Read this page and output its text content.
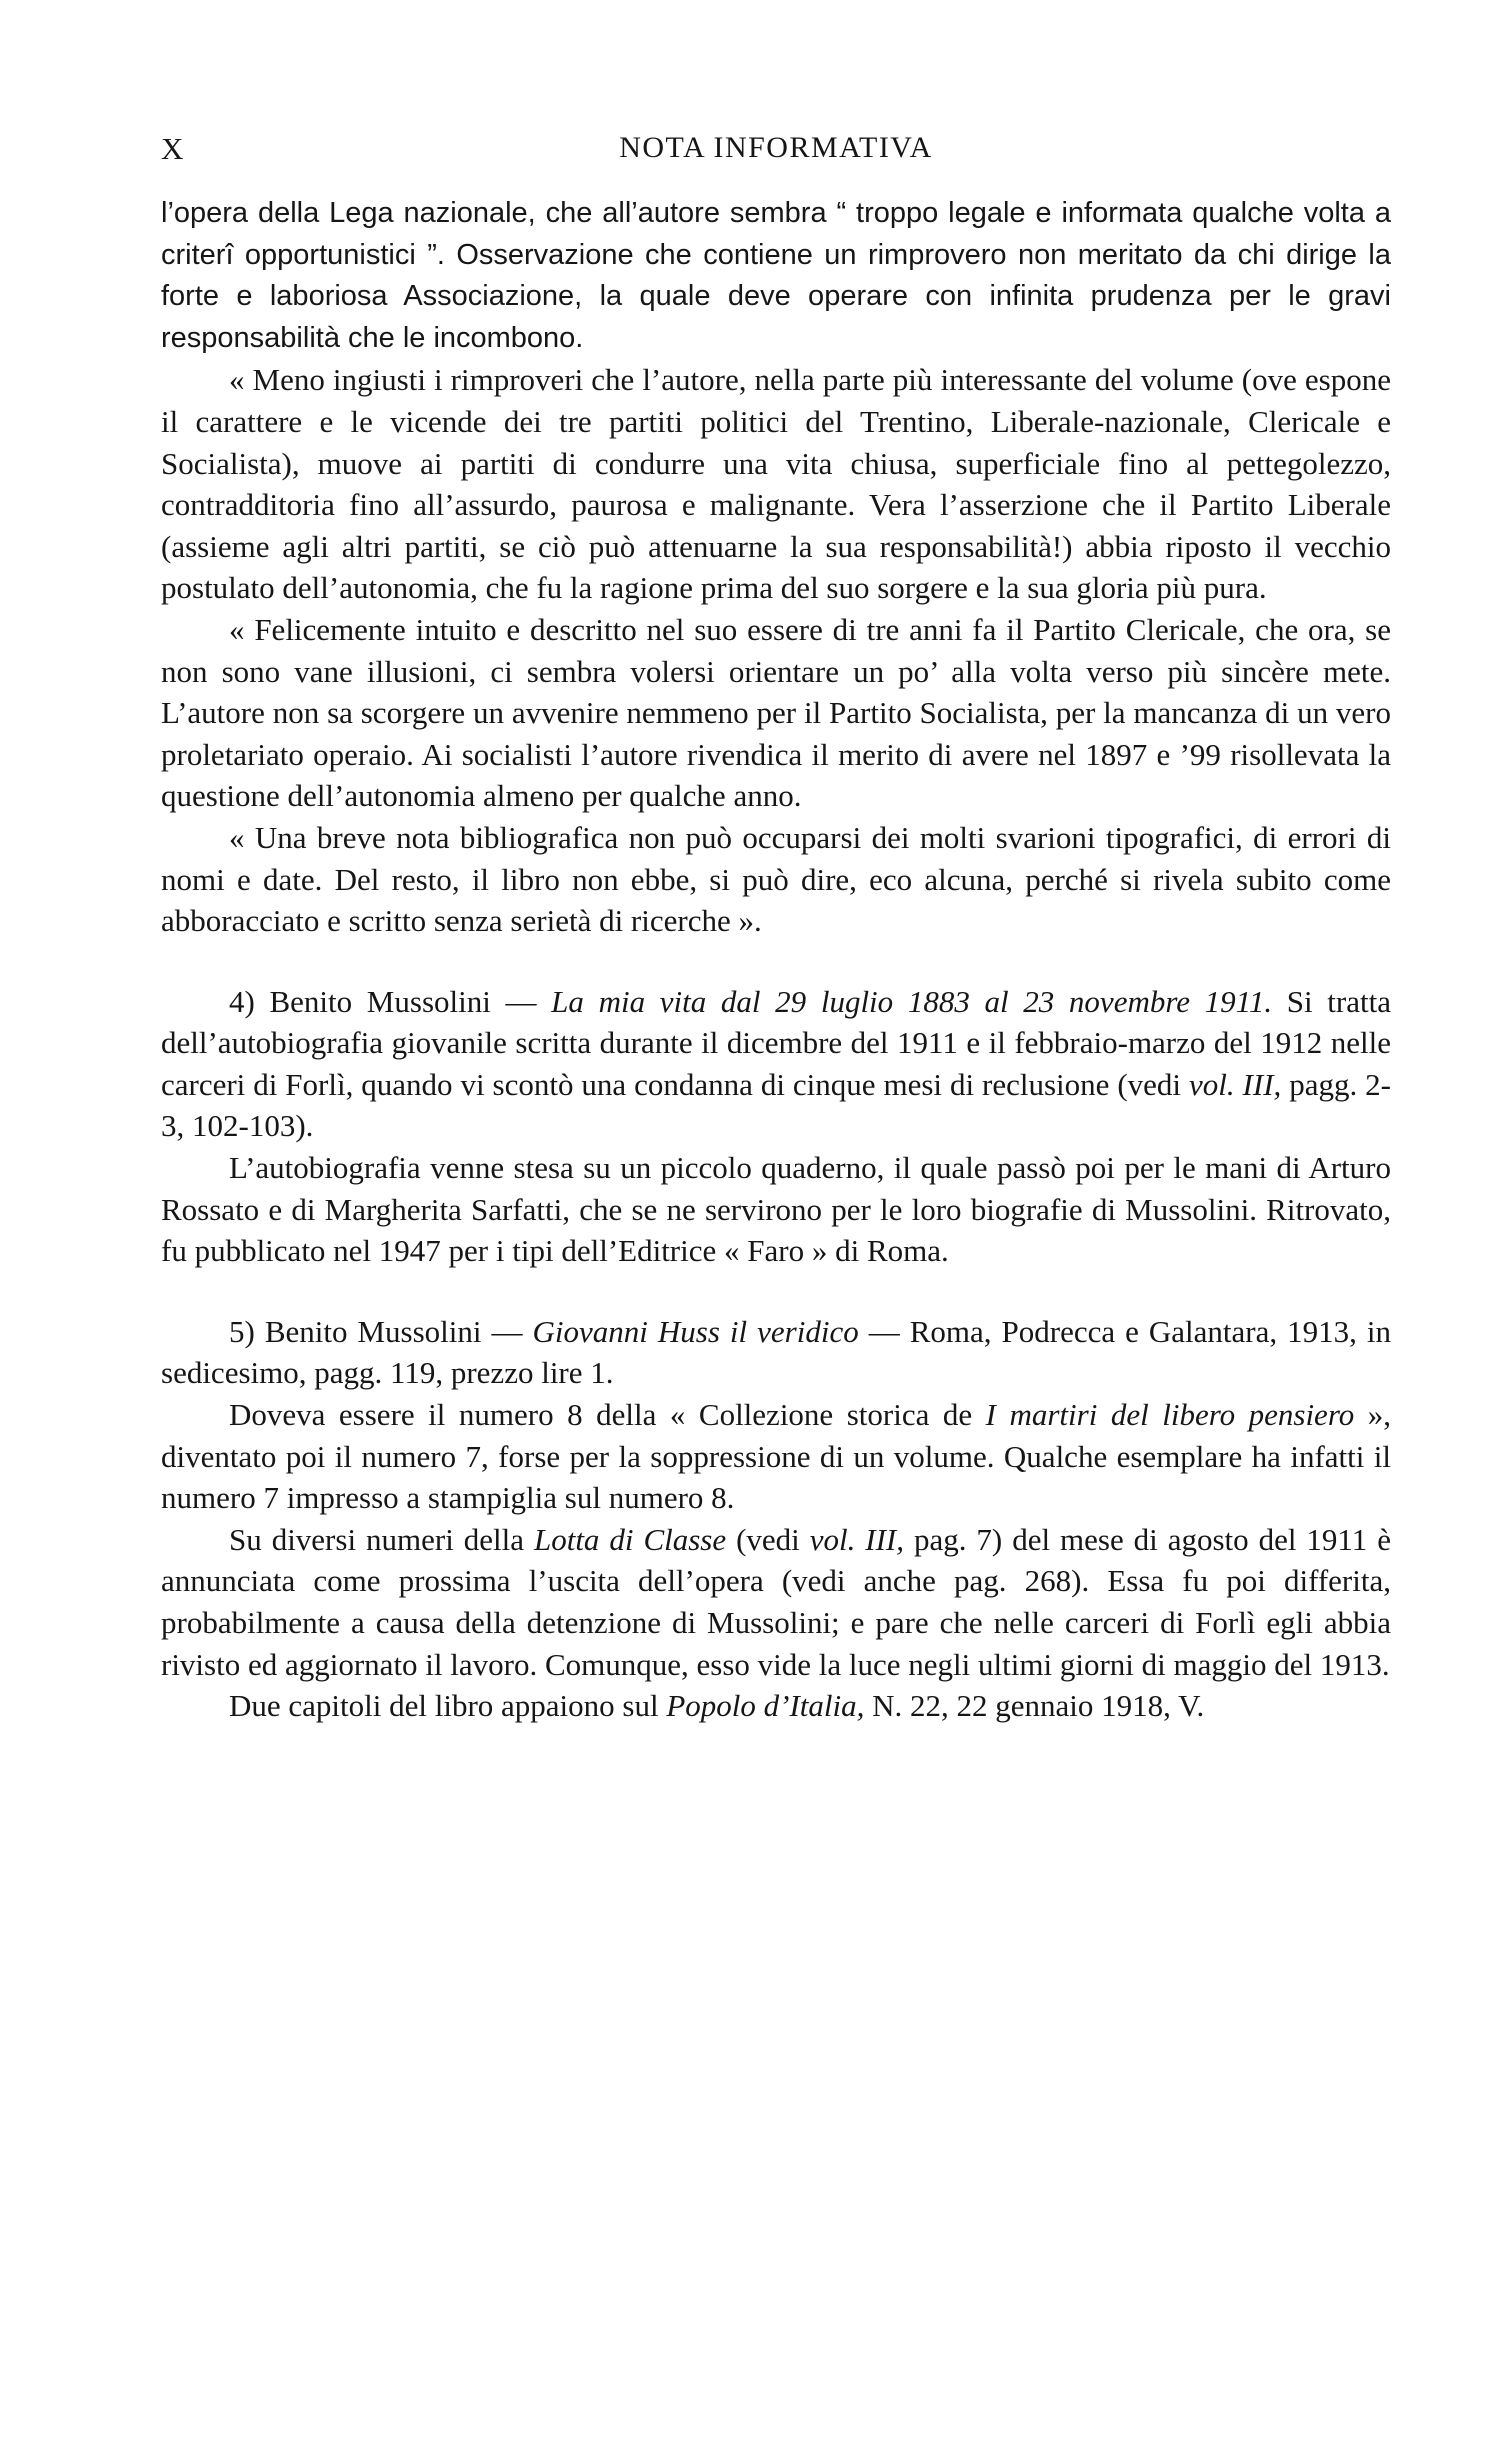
X	NOTA INFORMATIVA

l’opera della Lega nazionale, che all’autore sembra “ troppo legale e informata qualche volta a criterî opportunistici ”. Osservazione che contiene un rimprovero non meritato da chi dirige la forte e laboriosa Associazione, la quale deve operare con infinita prudenza per le gravi responsabilità che le incombono.

« Meno ingiusti i rimproveri che l’autore, nella parte più interessante del volume (ove espone il carattere e le vicende dei tre partiti politici del Trentino, Liberale-nazionale, Clericale e Socialista), muove ai partiti di condurre una vita chiusa, superficiale fino al pettegolezzo, contradditoria fino all’assurdo, paurosa e malignante. Vera l’asserzione che il Partito Liberale (assieme agli altri partiti, se ciò può attenuarne la sua responsabilità!) abbia riposto il vecchio postulato dell’autonomia, che fu la ragione prima del suo sorgere e la sua gloria più pura.

« Felicemente intuito e descritto nel suo essere di tre anni fa il Partito Clericale, che ora, se non sono vane illusioni, ci sembra volersi orientare un po’ alla volta verso più sincère mete. L’autore non sa scorgere un avvenire nemmeno per il Partito Socialista, per la mancanza di un vero proletariato operaio. Ai socialisti l’autore rivendica il merito di avere nel 1897 e ’99 risollevata la questione dell’autonomia almeno per qualche anno.

« Una breve nota bibliografica non può occuparsi dei molti svarioni tipografici, di errori di nomi e date. Del resto, il libro non ebbe, si può dire, eco alcuna, perché si rivela subito come abboracciato e scritto senza serietà di ricerche ».

4) Benito Mussolini — La mia vita dal 29 luglio 1883 al 23 novembre 1911. Si tratta dell’autobiografia giovanile scritta durante il dicembre del 1911 e il febbraio-marzo del 1912 nelle carceri di Forlì, quando vi scontò una condanna di cinque mesi di reclusione (vedi vol. III, pagg. 2-3, 102-103).

L’autobiografia venne stesa su un piccolo quaderno, il quale passò poi per le mani di Arturo Rossato e di Margherita Sarfatti, che se ne servirono per le loro biografie di Mussolini. Ritrovato, fu pubblicato nel 1947 per i tipi dell’Editrice « Faro » di Roma.

5) Benito Mussolini — Giovanni Huss il veridico — Roma, Podrecca e Galantara, 1913, in sedicesimo, pagg. 119, prezzo lire 1.

Doveva essere il numero 8 della « Collezione storica de I martiri del libero pensiero », diventato poi il numero 7, forse per la soppressione di un volume. Qualche esemplare ha infatti il numero 7 impresso a stampiglia sul numero 8.

Su diversi numeri della Lotta di Classe (vedi vol. III, pag. 7) del mese di agosto del 1911 è annunciata come prossima l’uscita dell’opera (vedi anche pag. 268). Essa fu poi differita, probabilmente a causa della detenzione di Mussolini; e pare che nelle carceri di Forlì egli abbia rivisto ed aggiornato il lavoro. Comunque, esso vide la luce negli ultimi giorni di maggio del 1913.

Due capitoli del libro appaiono sul Popolo d’Italia, N. 22, 22 gennaio 1918, V.
